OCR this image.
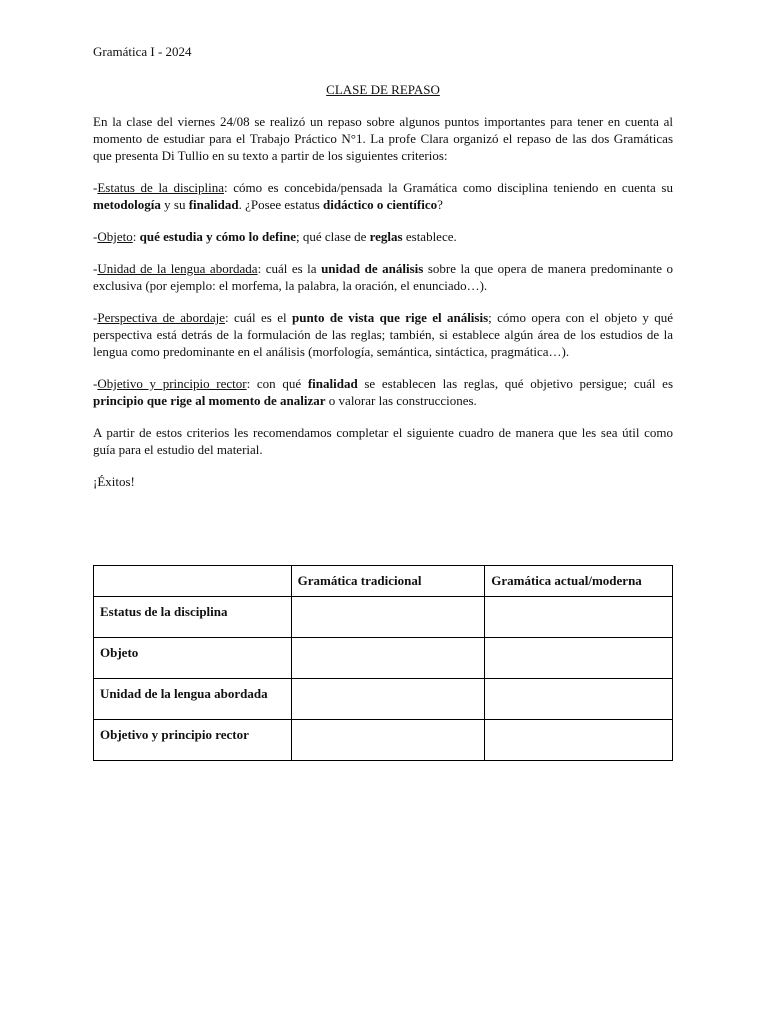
Gramática I - 2024
CLASE DE REPASO

En la clase del viernes 24/08 se realizó un repaso sobre algunos puntos importantes para tener en cuenta al momento de estudiar para el Trabajo Práctico N°1. La profe Clara organizó el repaso de las dos Gramáticas que presenta Di Tullio en su texto a partir de los siguientes criterios:

-Estatus de la disciplina: cómo es concebida/pensada la Gramática como disciplina teniendo en cuenta su metodología y su finalidad. ¿Posee estatus didáctico o científico?

-Objeto: qué estudia y cómo lo define; qué clase de reglas establece.

-Unidad de la lengua abordada: cuál es la unidad de análisis sobre la que opera de manera predominante o exclusiva (por ejemplo: el morfema, la palabra, la oración, el enunciado…).

-Perspectiva de abordaje: cuál es el punto de vista que rige el análisis; cómo opera con el objeto y qué perspectiva está detrás de la formulación de las reglas; también, si establece algún área de los estudios de la lengua como predominante en el análisis (morfología, semántica, sintáctica, pragmática…).

-Objetivo y principio rector: con qué finalidad se establecen las reglas, qué objetivo persigue; cuál es principio que rige al momento de analizar o valorar las construcciones.

A partir de estos criterios les recomendamos completar el siguiente cuadro de manera que les sea útil como guía para el estudio del material.

¡Éxitos!

	Gramática tradicional	Gramática actual/moderna
Estatus de la disciplina		
Objeto		
Unidad de la lengua abordada		
Objetivo y principio rector		
